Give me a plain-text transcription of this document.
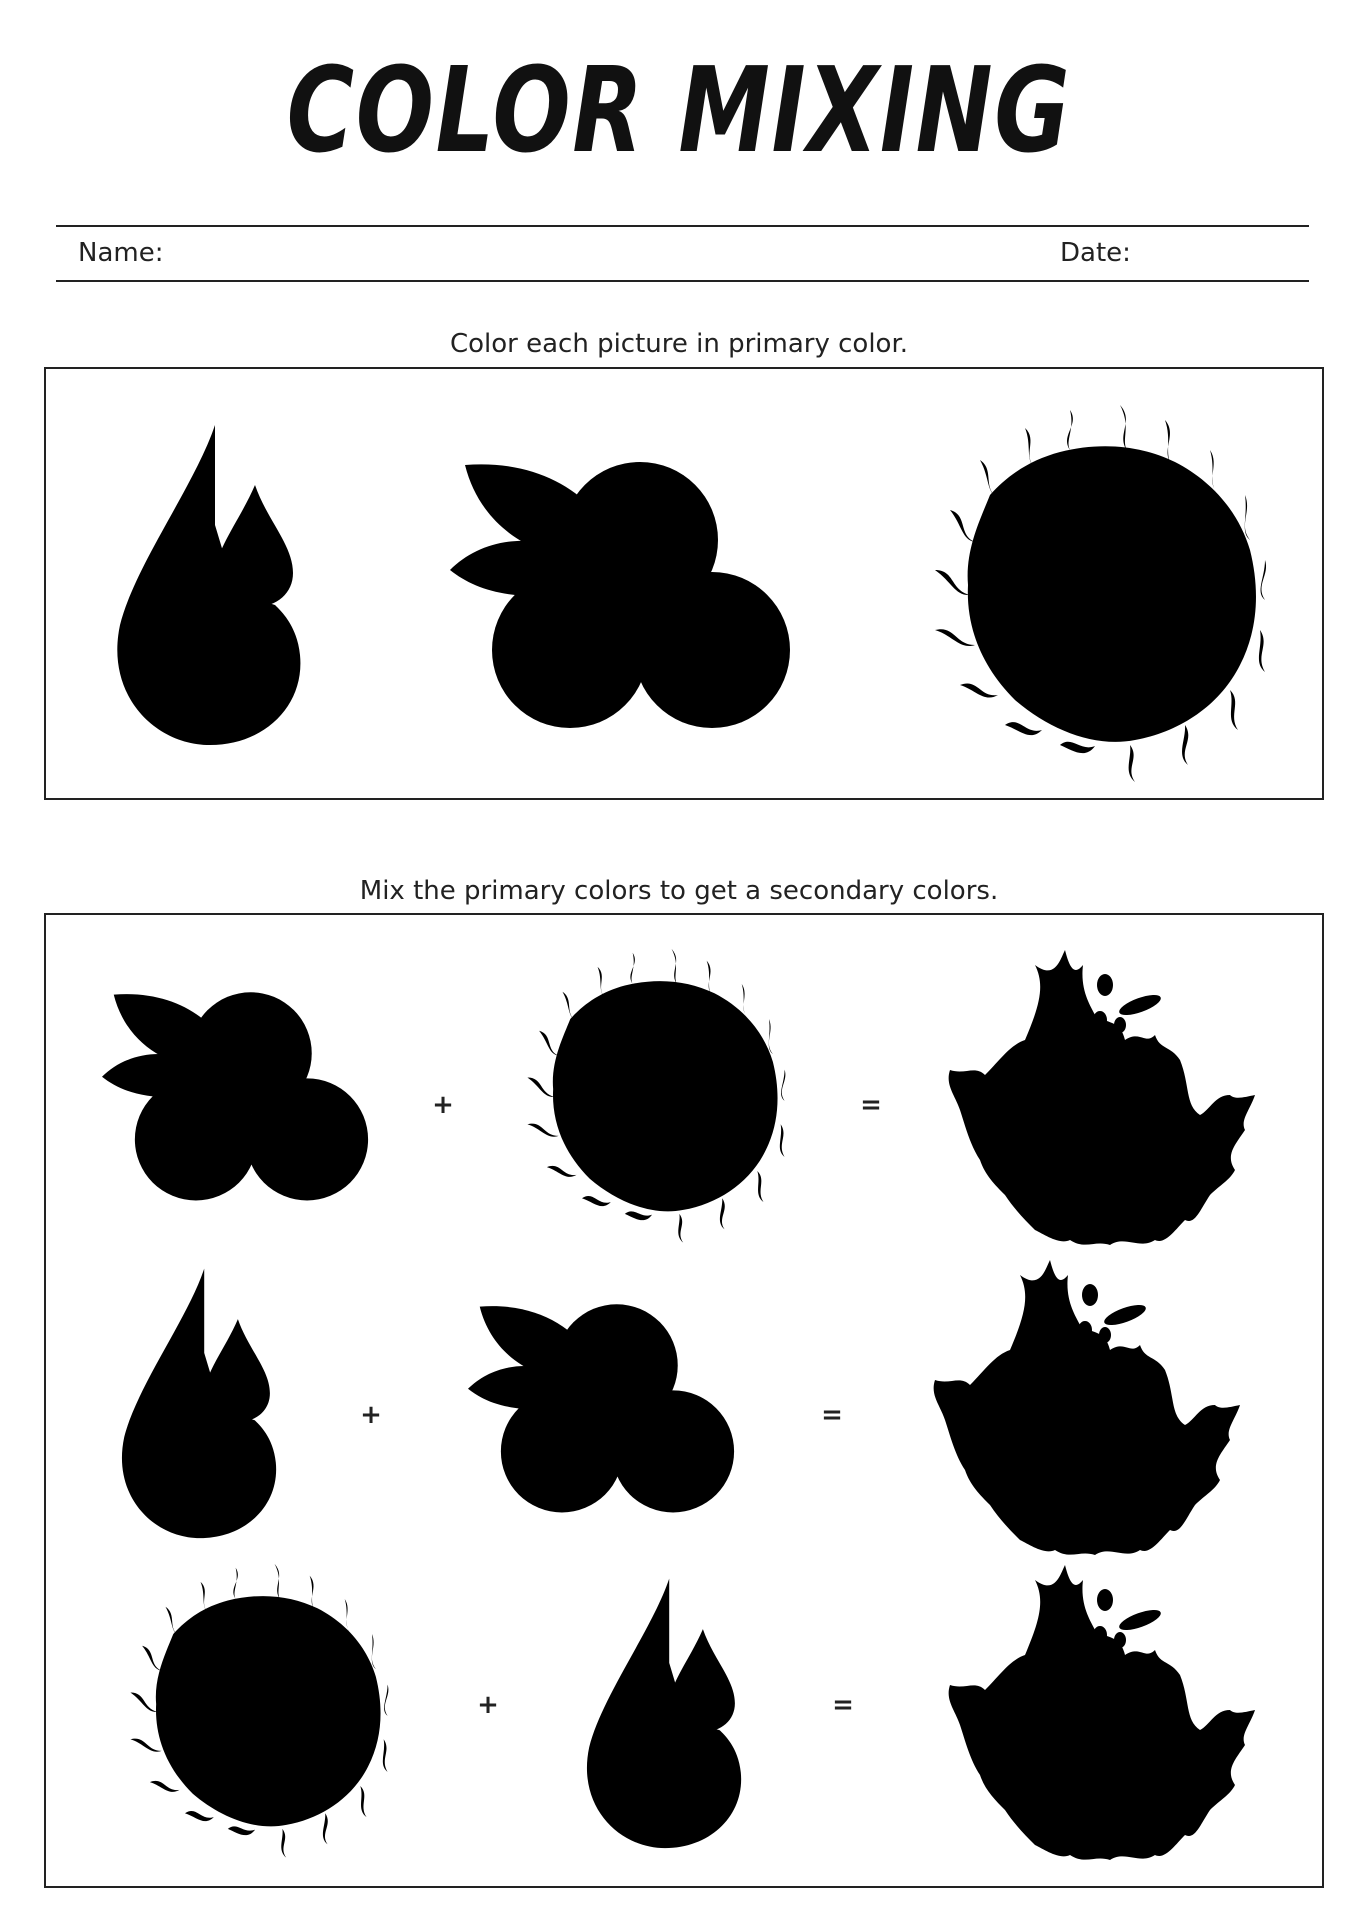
COLOR MIXING
Name:	Date:
Color each picture in primary color.
Mix the primary colors to get a secondary colors.
+	=
+	=
+	=
